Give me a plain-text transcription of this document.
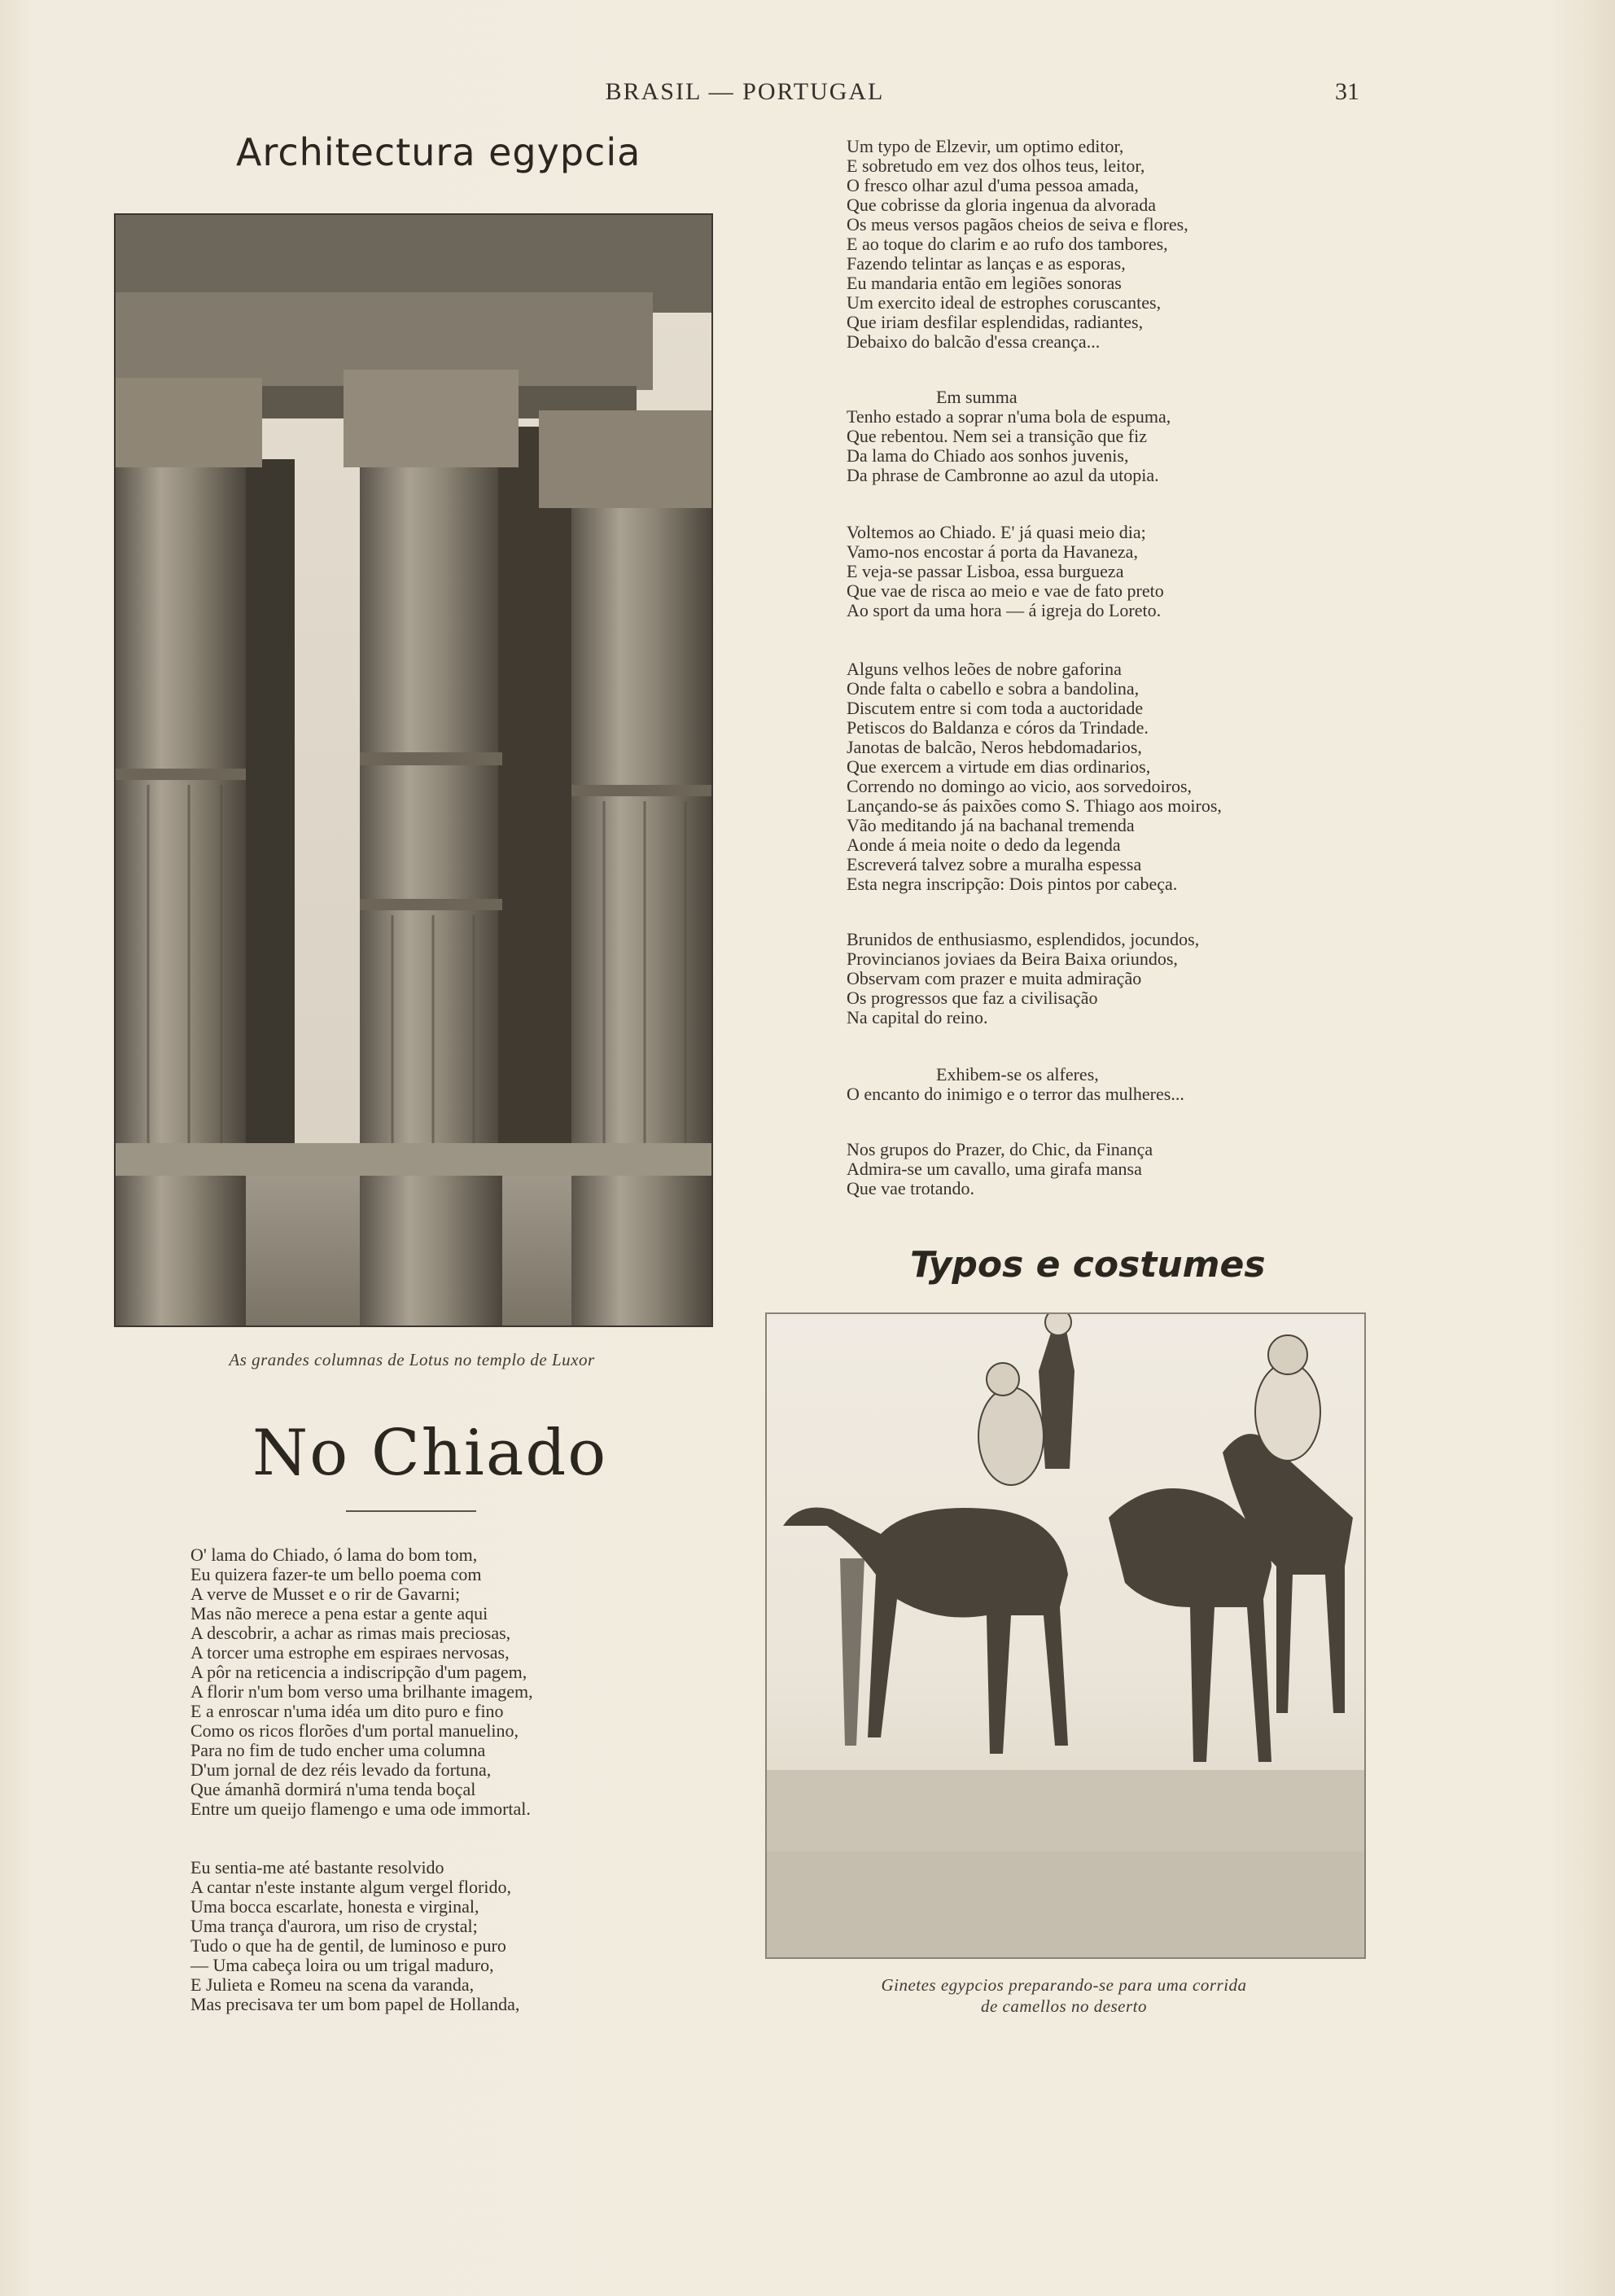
BRASIL — PORTUGAL	31
Architectura egypcia
As grandes columnas de Lotus no templo de Luxor
No Chiado
O' lama do Chiado, ó lama do bom tom,
Eu quizera fazer-te um bello poema com
A verve de Musset e o rir de Gavarni;
Mas não merece a pena estar a gente aqui
A descobrir, a achar as rimas mais preciosas,
A torcer uma estrophe em espiraes nervosas,
A pôr na reticencia a indiscripção d'um pagem,
A florir n'um bom verso uma brilhante imagem,
E a enroscar n'uma idéa um dito puro e fino
Como os ricos florões d'um portal manuelino,
Para no fim de tudo encher uma columna
D'um jornal de dez réis levado da fortuna,
Que ámanhã dormirá n'uma tenda boçal
Entre um queijo flamengo e uma ode immortal.
Eu sentia-me até bastante resolvido
A cantar n'este instante algum vergel florido,
Uma bocca escarlate, honesta e virginal,
Uma trança d'aurora, um riso de crystal;
Tudo o que ha de gentil, de luminoso e puro
— Uma cabeça loira ou um trigal maduro,
E Julieta e Romeu na scena da varanda,
Mas precisava ter um bom papel de Hollanda,
Um typo de Elzevir, um optimo editor,
E sobretudo em vez dos olhos teus, leitor,
O fresco olhar azul d'uma pessoa amada,
Que cobrisse da gloria ingenua da alvorada
Os meus versos pagãos cheios de seiva e flores,
E ao toque do clarim e ao rufo dos tambores,
Fazendo telintar as lanças e as esporas,
Eu mandaria então em legiões sonoras
Um exercito ideal de estrophes coruscantes,
Que iriam desfilar esplendidas, radiantes,
Debaixo do balcão d'essa creança...
Em summa
Tenho estado a soprar n'uma bola de espuma,
Que rebentou. Nem sei a transição que fiz
Da lama do Chiado aos sonhos juvenis,
Da phrase de Cambronne ao azul da utopia.
Voltemos ao Chiado. E' já quasi meio dia;
Vamo-nos encostar á porta da Havaneza,
E veja-se passar Lisboa, essa burgueza
Que vae de risca ao meio e vae de fato preto
Ao sport da uma hora — á igreja do Loreto.
Alguns velhos leões de nobre gaforina
Onde falta o cabello e sobra a bandolina,
Discutem entre si com toda a auctoridade
Petiscos do Baldanza e córos da Trindade.
Janotas de balcão, Neros hebdomadarios,
Que exercem a virtude em dias ordinarios,
Correndo no domingo ao vicio, aos sorvedoiros,
Lançando-se ás paixões como S. Thiago aos moiros,
Vão meditando já na bachanal tremenda
Aonde á meia noite o dedo da legenda
Escreverá talvez sobre a muralha espessa
Esta negra inscripção: Dois pintos por cabeça.
Brunidos de enthusiasmo, esplendidos, jocundos,
Provincianos joviaes da Beira Baixa oriundos,
Observam com prazer e muita admiração
Os progressos que faz a civilisação
Na capital do reino.
Exhibem-se os alferes,
O encanto do inimigo e o terror das mulheres...
Nos grupos do Prazer, do Chic, da Finança
Admira-se um cavallo, uma girafa mansa
Que vae trotando.
Typos e costumes
Ginetes egypcios preparando-se para uma corrida
de camellos no deserto
